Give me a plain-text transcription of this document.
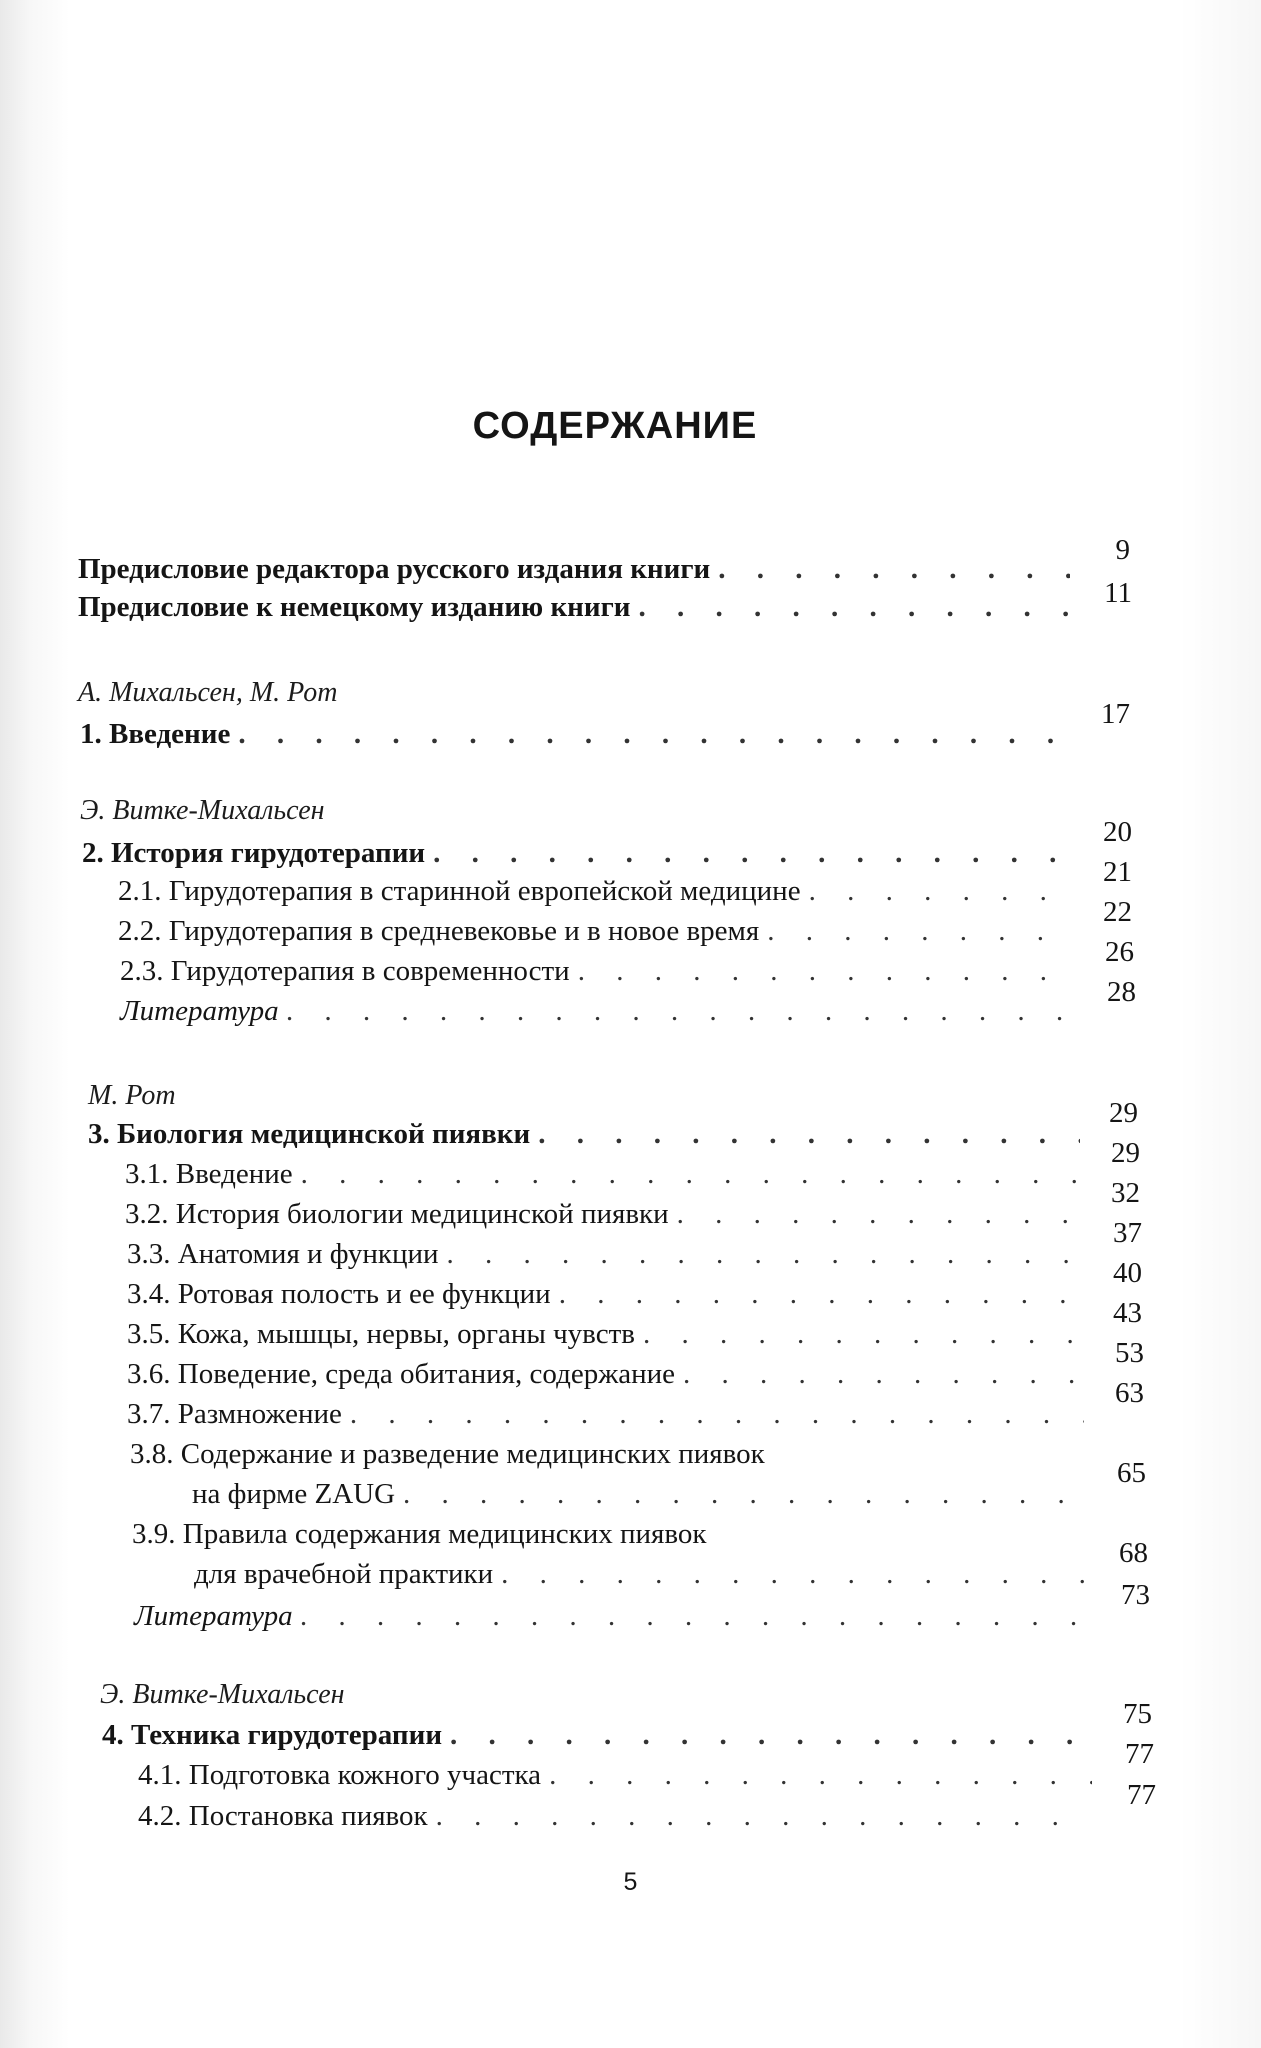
СОДЕРЖАНИЕ
Предисловие редактора русского издания книги
. . .
9
Предисловие к немецкому изданию книги
. . .	11
А. Михальсен, М. Рот
1. Введение
. . .
17
Э. Витке-Михальсен
2. История гирудотерапии
. . .
20
2.1. Гирудотерапия в старинной европейской медицине
. . .
21
2.2. Гирудотерапия в средневековье и в новое время
. . .
22
2.3. Гирудотерапия в современности
. . .
26
Литература
. . .
28
М. Рот
3. Биология медицинской пиявки
. . .
29
3.1. Введение
. . .
29
3.2. История биологии медицинской пиявки
. . .
32
3.3. Анатомия и функции
. . .
37
3.4. Ротовая полость и ее функции
. . .
40
3.5. Кожа, мышцы, нервы, органы чувств
. . .
43
3.6. Поведение, среда обитания, содержание
. . .
53
3.7. Размножение
. . .
63
3.8. Содержание и разведение медицинских пиявок
на фирме ZAUG
. . .
65
3.9. Правила содержания медицинских пиявок
для врачебной практики
. . .
68
Литература
. . .
73
Э. Витке-Михальсен
4. Техника гирудотерапии
. . .
75
4.1. Подготовка кожного участка
. . .
77
4.2. Постановка пиявок
. . .
77
5
